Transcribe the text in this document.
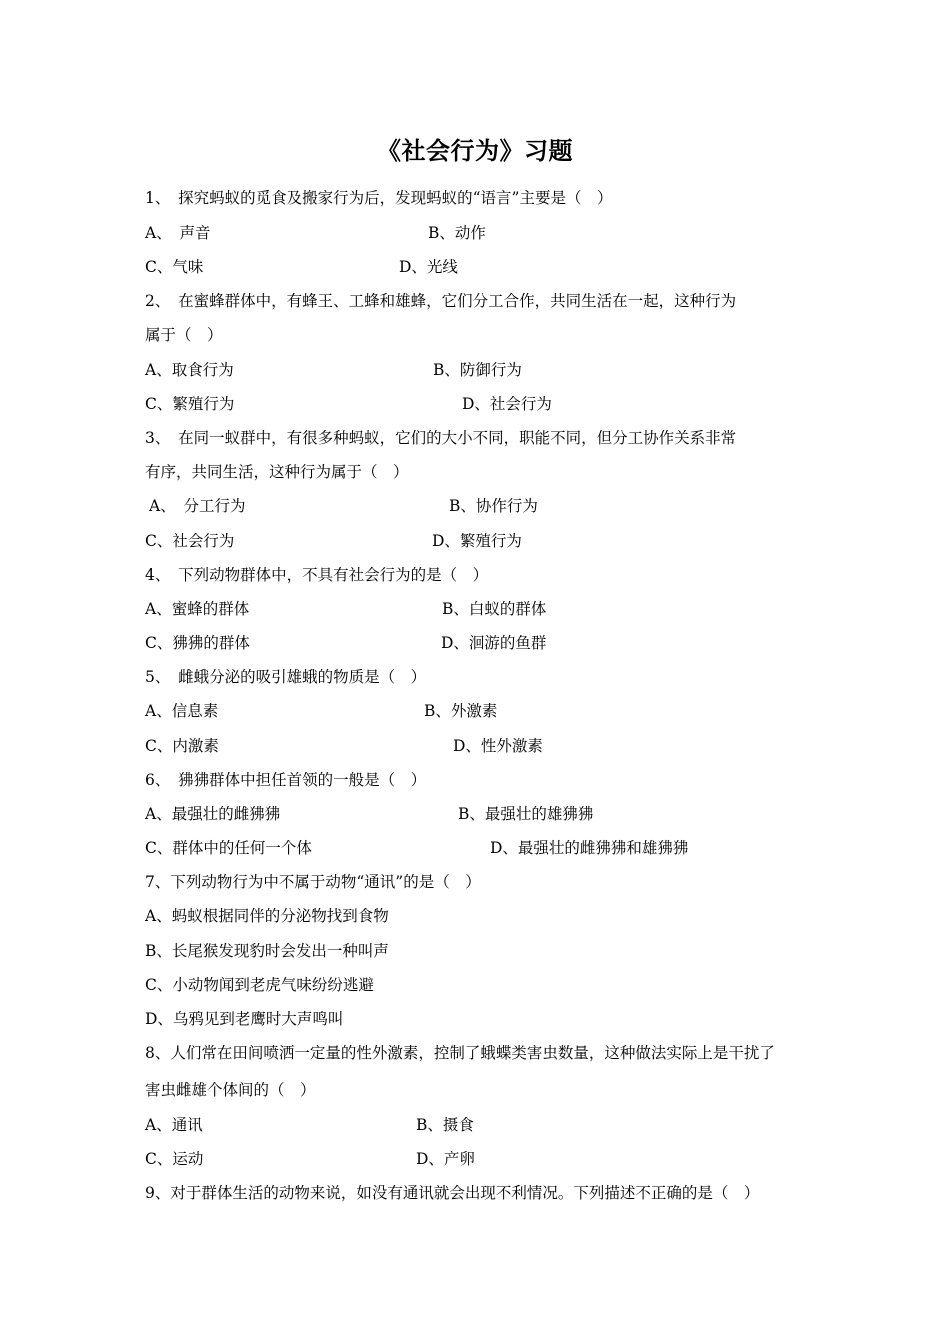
《社会行为》习题
1、　探究蚂蚁的觅食及搬家行为后，发现蚂蚁的“语言”主要是（　）
A、　声音	B、动作
C、气味	D、光线
2、　在蜜蜂群体中，有蜂王、工蜂和雄蜂，它们分工合作，共同生活在一起，这种行为
属于（　）
A、取食行为	B、防御行为
C、繁殖行为	D、社会行为
3、　在同一蚁群中，有很多种蚂蚁，它们的大小不同，职能不同，但分工协作关系非常
有序，共同生活，这种行为属于（　）
A、　分工行为	B、协作行为
C、社会行为	D、繁殖行为
4、　下列动物群体中，不具有社会行为的是（　）
A、蜜蜂的群体	B、白蚁的群体
C、狒狒的群体	D、洄游的鱼群
5、　雌蛾分泌的吸引雄蛾的物质是（　）
A、信息素	B、外激素
C、内激素	D、性外激素
6、　狒狒群体中担任首领的一般是（　）
A、最强壮的雌狒狒	B、最强壮的雄狒狒
C、群体中的任何一个体	D、最强壮的雌狒狒和雄狒狒
7、下列动物行为中不属于动物“通讯”的是（　）
A、蚂蚁根据同伴的分泌物找到食物
B、长尾猴发现豹时会发出一种叫声
C、小动物闻到老虎气味纷纷逃避
D、乌鸦见到老鹰时大声鸣叫
8、人们常在田间喷洒一定量的性外激素，控制了蛾蝶类害虫数量，这种做法实际上是干扰了
害虫雌雄个体间的（　）
A、通讯	B、摄食
C、运动	D、产卵
9、对于群体生活的动物来说，如没有通讯就会出现不利情况。下列描述不正确的是（　）
